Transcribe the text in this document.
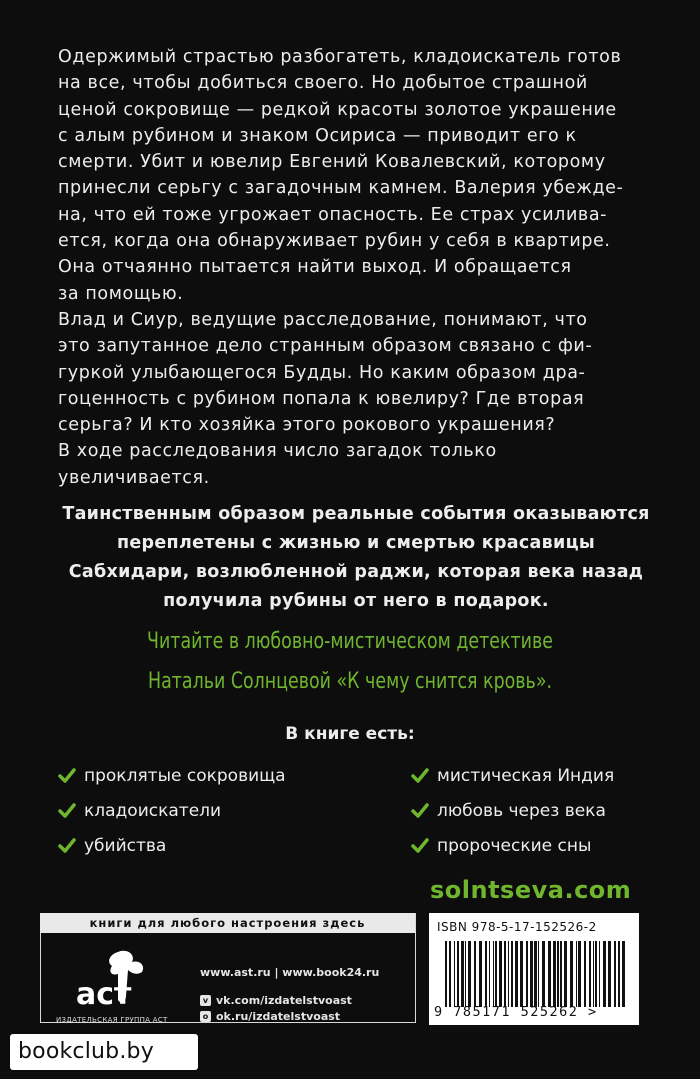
Одержимый страстью разбогатеть, кладоискатель готов

на все, чтобы добиться своего. Но добытое страшной

ценой сокровище — редкой красоты золотое украшение

с алым рубином и знаком Осириса — приводит его к

смерти. Убит и ювелир Евгений Ковалевский, которому

принесли серьгу с загадочным камнем. Валерия убежде-

на, что ей тоже угрожает опасность. Ее страх усилива-

ется, когда она обнаруживает рубин у себя в квартире.

Она отчаянно пытается найти выход. И обращается

за помощью.

Влад и Сиур, ведущие расследование, понимают, что

это запутанное дело странным образом связано с фи-

гуркой улыбающегося Будды. Но каким образом дра-

гоценность с рубином попала к ювелиру? Где вторая

серьга? И кто хозяйка этого рокового украшения?

В ходе расследования число загадок только

увеличивается.

Таинственным образом реальные события оказываются
переплетены с жизнью и смертью красавицы
Сабхидари, возлюбленной раджи, которая века назад
получила рубины от него в подарок.
Читайте в любовно-мистическом детективе
Натальи Солнцевой «К чему снится кровь».
В книге есть:
проклятые сокровища
кладоискатели
убийства
мистическая Индия
любовь через века
пророческие сны
solntseva.com
книги для любого настроения здесь
аст
ИЗДАТЕЛЬСКАЯ ГРУППА АСТ
www.ast.ru | www.book24.ru
v vk.com/izdatelstvoast
o ok.ru/izdatelstvoast
ISBN 978-5-17-152526-2
9 785171 525262 >
bookclub.by
